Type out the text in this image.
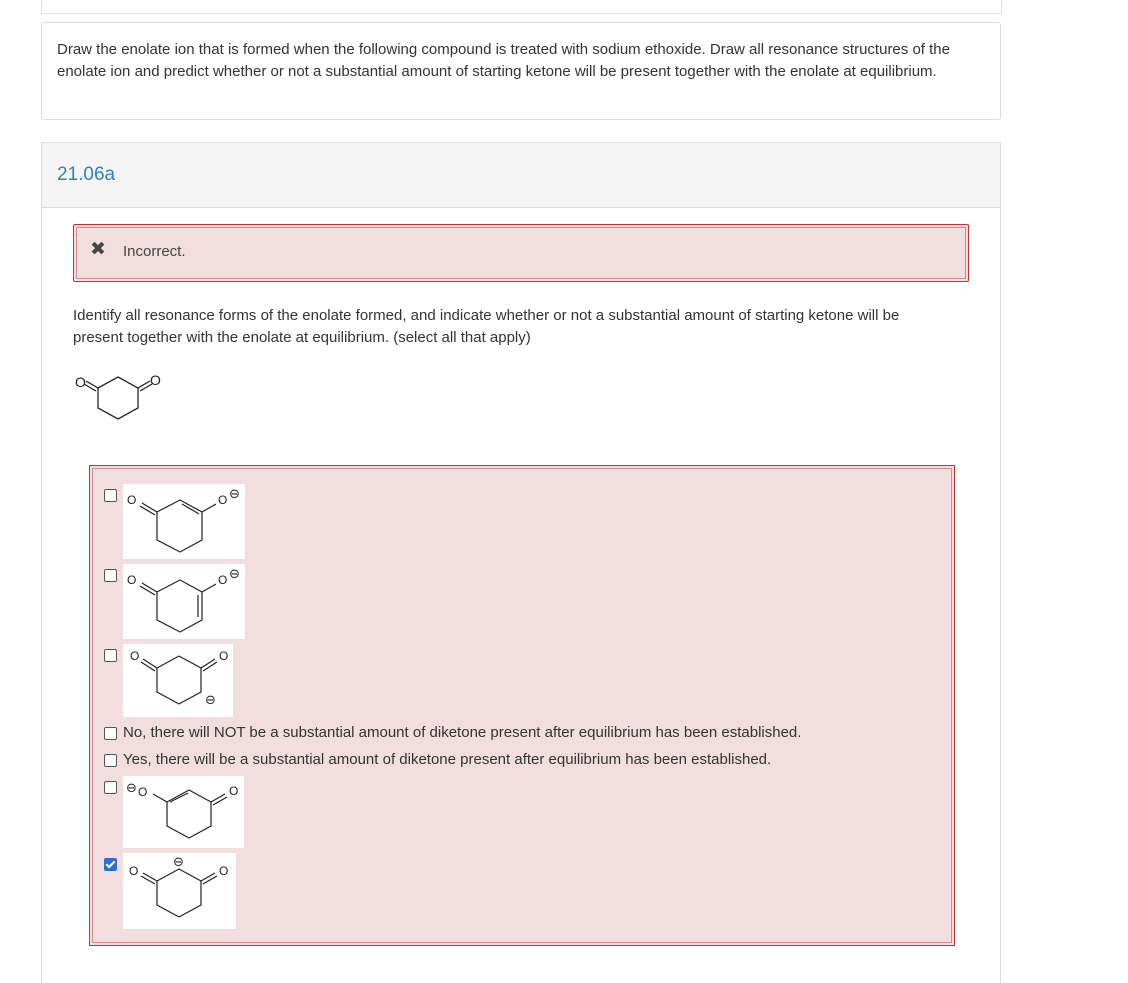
Draw the enolate ion that is formed when the following compound is treated with sodium ethoxide. Draw all resonance structures of the enolate ion and predict whether or not a substantial amount of starting ketone will be present together with the enolate at equilibrium.

21.06a
✖ Incorrect.

Identify all resonance forms of the enolate formed, and indicate whether or not a substantial amount of starting ketone will be present together with the enolate at equilibrium. (select all that apply)

O	O
O	O ⊖
O	O ⊖
O	O
⊖
No, there will NOT be a substantial amount of diketone present after equilibrium has been established.
Yes, there will be a substantial amount of diketone present after equilibrium has been established.
⊖ O	O
O
⊖
O
